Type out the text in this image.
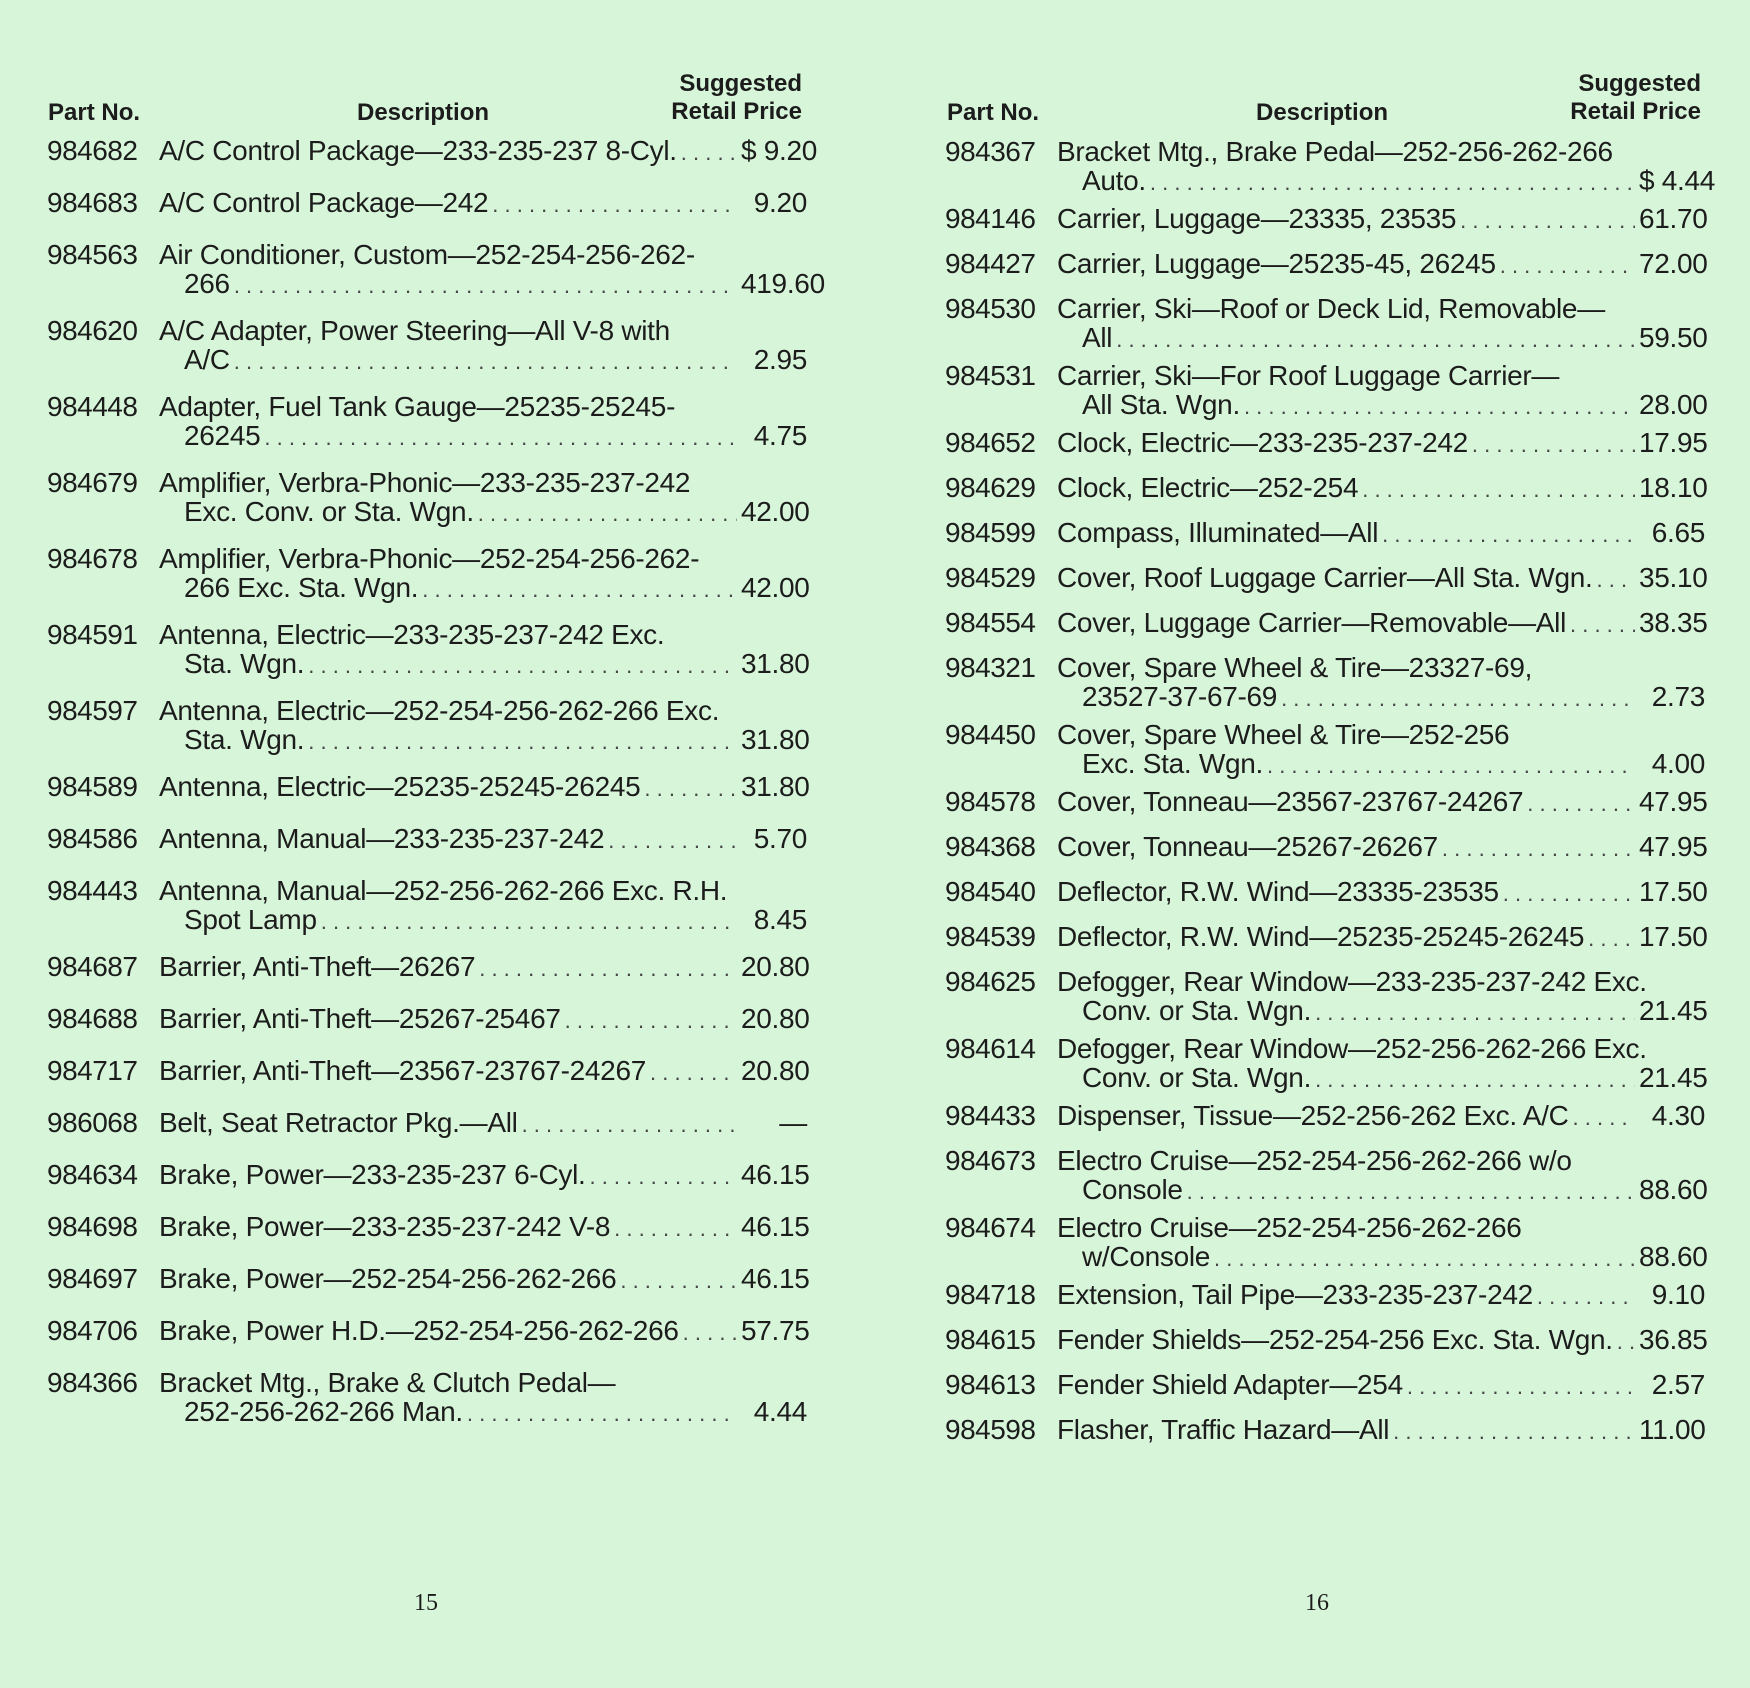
Part No.	Description
Suggested
Retail Price
984682 A/C Control Package—233-235-237 8-Cyl. . . . $ 9.20
984683 A/C Control Package—242 . . .	9.20
984563 Air Conditioner, Custom—252-254-256-262-
266 . . .	419.60
984620 A/C Adapter, Power Steering—All V-8 with
A/C . . .	2.95
984448 Adapter, Fuel Tank Gauge—25235-25245-
26245 . . .	4.75
984679 Amplifier, Verbra-Phonic—233-235-237-242
Exc. Conv. or Sta. Wgn. . . .	42.00
984678 Amplifier, Verbra-Phonic—252-254-256-262-
266 Exc. Sta. Wgn. . . .	42.00
984591 Antenna, Electric—233-235-237-242 Exc.
Sta. Wgn. . . .	31.80
984597 Antenna, Electric—252-254-256-262-266 Exc.
Sta. Wgn. . . .	31.80
984589 Antenna, Electric—25235-25245-26245 . . .	31.80
984586 Antenna, Manual—233-235-237-242 . . .	5.70
984443 Antenna, Manual—252-256-262-266 Exc. R.H.
Spot Lamp . . .	8.45
984687 Barrier, Anti-Theft—26267 . . .	20.80
984688 Barrier, Anti-Theft—25267-25467 . . .	20.80
984717 Barrier, Anti-Theft—23567-23767-24267 . . .	20.80
986068 Belt, Seat Retractor Pkg.—All . . .	—
984634 Brake, Power—233-235-237 6-Cyl. . . .	46.15
984698 Brake, Power—233-235-237-242 V-8 . . .	46.15
984697 Brake, Power—252-254-256-262-266 . . .	46.15
984706 Brake, Power H.D.—252-254-256-262-266 . . . 57.75
984366 Bracket Mtg., Brake & Clutch Pedal—
252-256-262-266 Man. . . .	4.44
15
Part No.	Description
Suggested
Retail Price
984367 Bracket Mtg., Brake Pedal—252-256-262-266
Auto. . . .	$ 4.44
984146 Carrier, Luggage—23335, 23535 . . .	61.70
984427 Carrier, Luggage—25235-45, 26245 . . .	72.00
984530 Carrier, Ski—Roof or Deck Lid, Removable—
All . . .	59.50
984531 Carrier, Ski—For Roof Luggage Carrier—
All Sta. Wgn. . . .	28.00
984652 Clock, Electric—233-235-237-242 . . .	17.95
984629 Clock, Electric—252-254 . . .	18.10
984599 Compass, Illuminated—All . . .	6.65
984529 Cover, Roof Luggage Carrier—All Sta. Wgn. . . . 35.10
984554 Cover, Luggage Carrier—Removable—All . . .	38.35
984321 Cover, Spare Wheel & Tire—23327-69,
23527-37-67-69 . . .	2.73
984450 Cover, Spare Wheel & Tire—252-256
Exc. Sta. Wgn. . . .	4.00
984578 Cover, Tonneau—23567-23767-24267 . . .	47.95
984368 Cover, Tonneau—25267-26267 . . .	47.95
984540 Deflector, R.W. Wind—23335-23535 . . .	17.50
984539 Deflector, R.W. Wind—25235-25245-26245 . . . 17.50
984625 Defogger, Rear Window—233-235-237-242 Exc.
Conv. or Sta. Wgn. . . .	21.45
984614 Defogger, Rear Window—252-256-262-266 Exc.
Conv. or Sta. Wgn. . . .	21.45
984433 Dispenser, Tissue—252-256-262 Exc. A/C . . .	4.30
984673 Electro Cruise—252-254-256-262-266 w/o
Console . . .	88.60
984674 Electro Cruise—252-254-256-262-266
w/Console . . .	88.60
984718 Extension, Tail Pipe—233-235-237-242 . . .	9.10
984615 Fender Shields—252-254-256 Exc. Sta. Wgn. . . . 36.85
984613 Fender Shield Adapter—254 . . .	2.57
984598 Flasher, Traffic Hazard—All . . .	11.00
16
